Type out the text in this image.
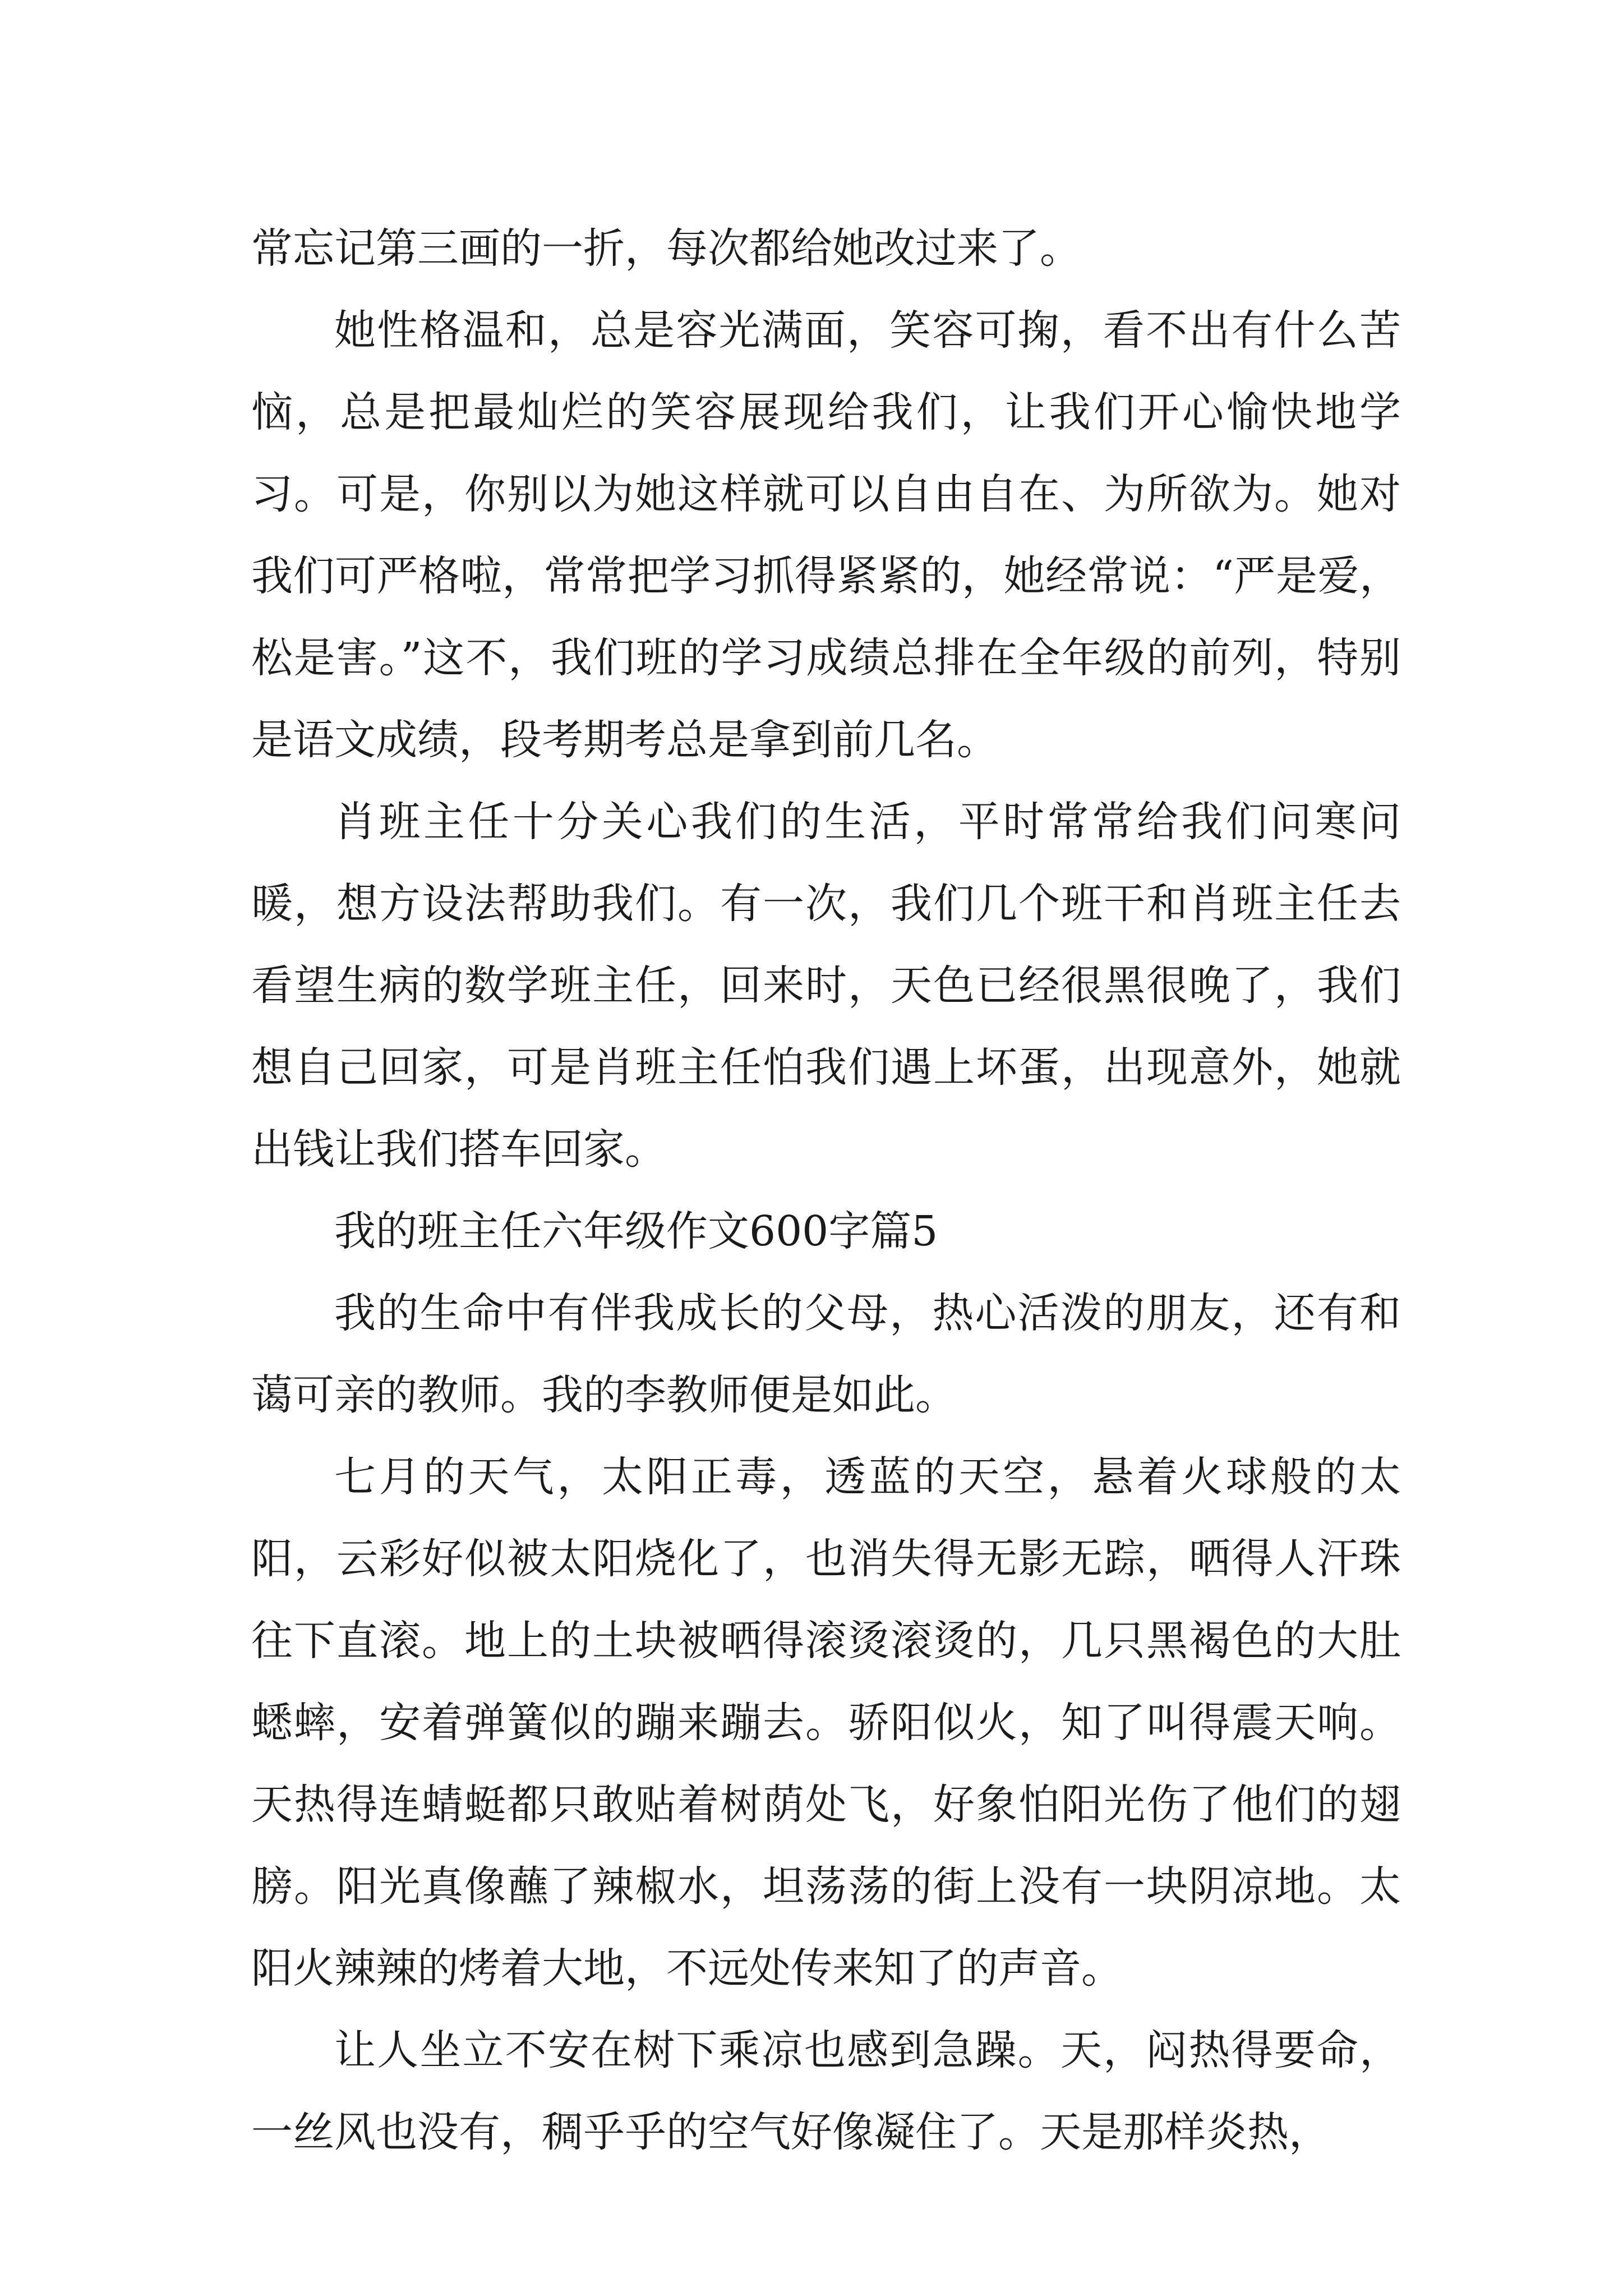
常忘记第三画的一折，每次都给她改过来了。

她性格温和，总是容光满面，笑容可掬，看不出有什么苦恼，总是把最灿烂的笑容展现给我们，让我们开心愉快地学习。可是，你别以为她这样就可以自由自在、为所欲为。她对我们可严格啦，常常把学习抓得紧紧的，她经常说：“严是爱，松是害。”这不，我们班的学习成绩总排在全年级的前列，特别是语文成绩，段考期考总是拿到前几名。

肖班主任十分关心我们的生活，平时常常给我们问寒问暖，想方设法帮助我们。有一次，我们几个班干和肖班主任去看望生病的数学班主任，回来时，天色已经很黑很晚了，我们想自己回家，可是肖班主任怕我们遇上坏蛋，出现意外，她就出钱让我们搭车回家。

我的班主任六年级作文600字篇5

我的生命中有伴我成长的父母，热心活泼的朋友，还有和蔼可亲的教师。我的李教师便是如此。

七月的天气，太阳正毒，透蓝的天空，悬着火球般的太阳，云彩好似被太阳烧化了，也消失得无影无踪，晒得人汗珠往下直滚。地上的土块被晒得滚烫滚烫的，几只黑褐色的大肚蟋蟀，安着弹簧似的蹦来蹦去。骄阳似火，知了叫得震天响。天热得连蜻蜓都只敢贴着树荫处飞，好象怕阳光伤了他们的翅膀。阳光真像蘸了辣椒水，坦荡荡的街上没有一块阴凉地。太阳火辣辣的烤着大地，不远处传来知了的声音。

让人坐立不安在树下乘凉也感到急躁。天，闷热得要命，一丝风也没有，稠乎乎的空气好像凝住了。天是那样炎热，
